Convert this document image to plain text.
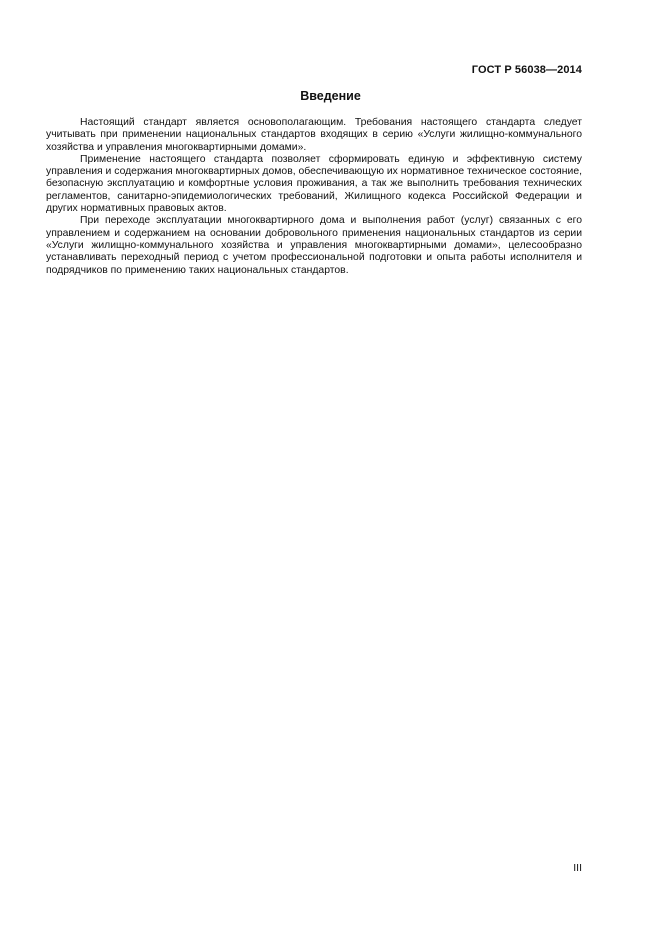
ГОСТ Р 56038—2014
Введение

Настоящий стандарт является основополагающим. Требования настоящего стандарта следует учитывать при применении национальных стандартов входящих в серию «Услуги жилищно-коммунального хозяйства и управления многоквартирными домами».

Применение настоящего стандарта позволяет сформировать единую и эффективную систему управления и содержания многоквартирных домов, обеспечивающую их нормативное техническое состояние, безопасную эксплуатацию и комфортные условия проживания, а так же выполнить требования технических регламентов, санитарно-эпидемиологических требований, Жилищного кодекса Российской Федерации и других нормативных правовых актов.

При переходе эксплуатации многоквартирного дома и выполнения работ (услуг) связанных с его управлением и содержанием на основании добровольного применения национальных стандартов из серии «Услуги жилищно-коммунального хозяйства и управления многоквартирными домами», целесообразно устанавливать переходный период с учетом профессиональной подготовки и опыта работы исполнителя и подрядчиков по применению таких национальных стандартов.

III
